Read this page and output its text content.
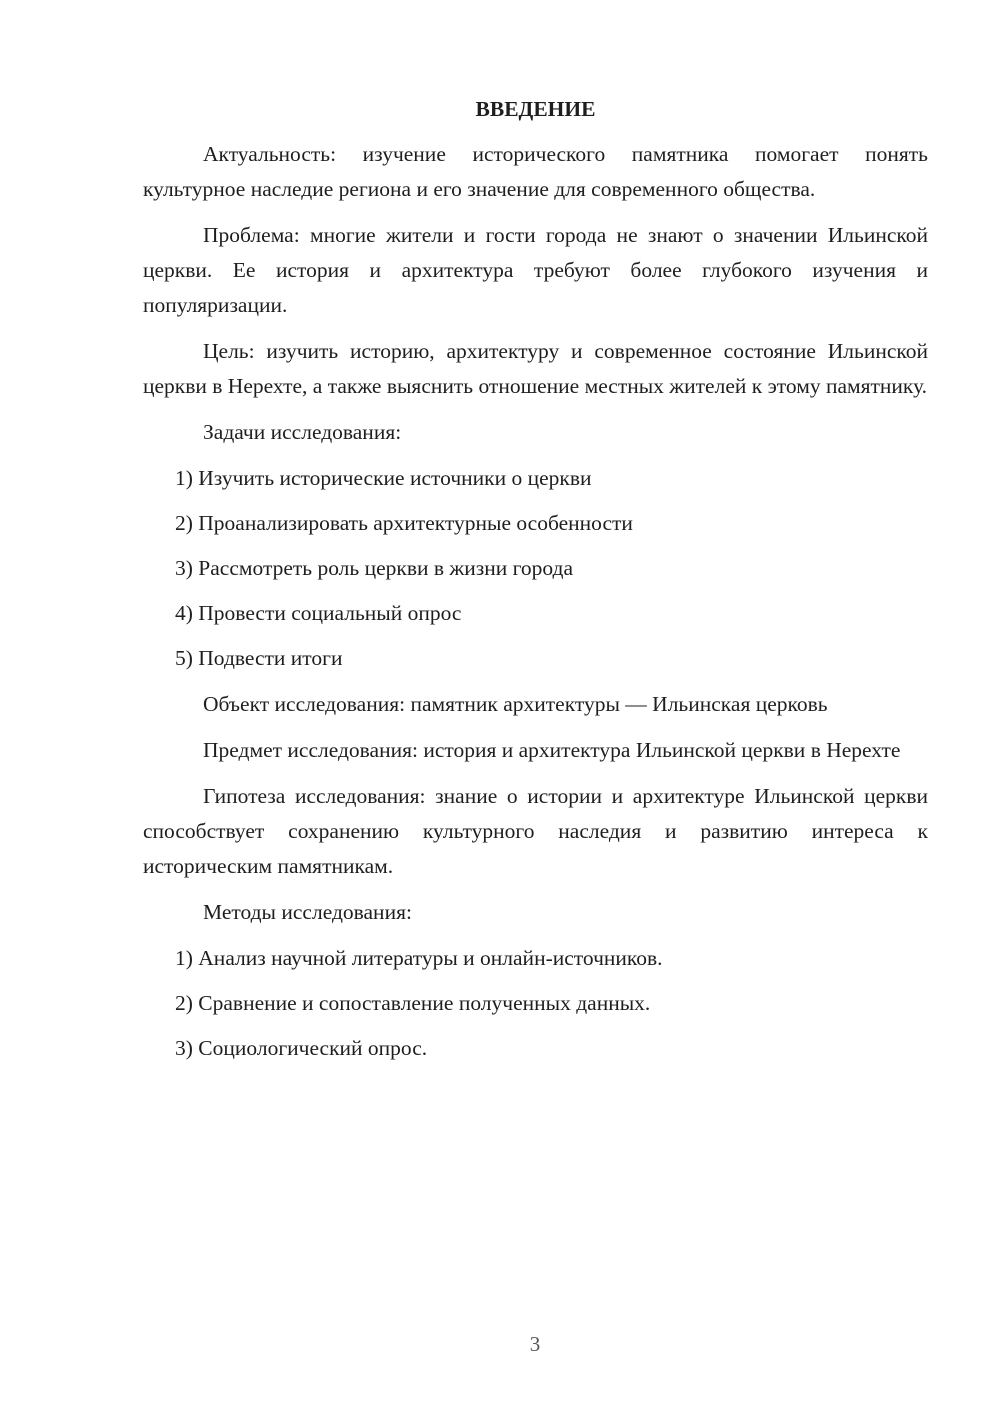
ВВЕДЕНИЕ

Актуальность: изучение исторического памятника помогает понять культурное наследие региона и его значение для современного общества.

Проблема: многие жители и гости города не знают о значении Ильинской церкви. Ее история и архитектура требуют более глубокого изучения и популяризации.

Цель: изучить историю, архитектуру и современное состояние Ильинской церкви в Нерехте, а также выяснить отношение местных жителей к этому памятнику.

Задачи исследования:

1) Изучить исторические источники о церкви
2) Проанализировать архитектурные особенности
3) Рассмотреть роль церкви в жизни города
4) Провести социальный опрос
5) Подвести итоги

Объект исследования: памятник архитектуры — Ильинская церковь

Предмет исследования: история и архитектура Ильинской церкви в Нерехте

Гипотеза исследования: знание о истории и архитектуре Ильинской церкви способствует сохранению культурного наследия и развитию интереса к историческим памятникам.

Методы исследования:

1) Анализ научной литературы и онлайн-источников.
2) Сравнение и сопоставление полученных данных.
3) Социологический опрос.
3
